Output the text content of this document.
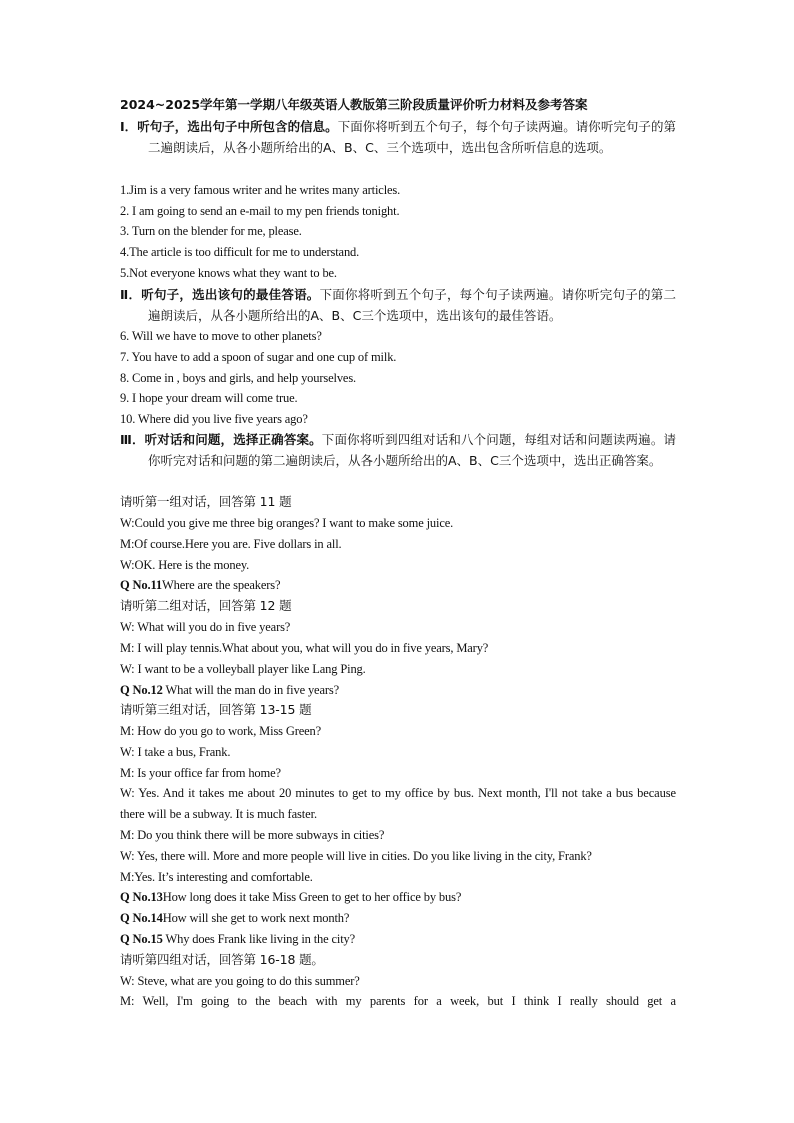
2024~2025学年第一学期八年级英语人教版第三阶段质量评价听力材料及参考答案
Ⅰ．听句子，选出句子中所包含的信息。下面你将听到五个句子，每个句子读两遍。请你听完句子的第二遍朗读后，从各小题所给出的A、B、C、三个选项中，选出包含所听信息的选项。
1.Jim is a very famous writer and he writes many articles.
2. I am going to send an e-mail to my pen friends tonight.
3. Turn on the blender for me, please.
4.The article is too difficult for me to understand.
5.Not everyone knows what they want to be.
Ⅱ．听句子，选出该句的最佳答语。下面你将听到五个句子，每个句子读两遍。请你听完句子的第二遍朗读后，从各小题所给出的A、B、C三个选项中，选出该句的最佳答语。
6. Will we have to move to other planets?
7. You have to add a spoon of sugar and one cup of milk.
8. Come in , boys and girls, and help yourselves.
9. I hope your dream will come true.
10. Where did you live five years ago?
Ⅲ．听对话和问题，选择正确答案。下面你将听到四组对话和八个问题，每组对话和问题读两遍。请你听完对话和问题的第二遍朗读后，从各小题所给出的A、B、C三个选项中，选出正确答案。
请听第一组对话，回答第 11 题
W:Could you give me three big oranges? I want to make some juice.
M:Of course.Here you are. Five dollars in all.
W:OK. Here is the money.
Q No.11Where are the speakers?
请听第二组对话，回答第 12 题
W: What will you do in five years?
M: I will play tennis.What about you, what will you do in five years, Mary?
W: I want to be a volleyball player like Lang Ping.
Q No.12 What will the man do in five years?
请听第三组对话，回答第 13-15 题
M: How do you go to work, Miss Green?
W: I take a bus, Frank.
M: Is your office far from home?
W: Yes. And it takes me about 20 minutes to get to my office by bus. Next month, I'll not take a bus because there will be a subway. It is much faster.
M: Do you think there will be more subways in cities?
W: Yes, there will. More and more people will live in cities. Do you like living in the city, Frank?
M:Yes. It’s interesting and comfortable.
Q No.13How long does it take Miss Green to get to her office by bus?
Q No.14How will she get to work next month?
Q No.15 Why does Frank like living in the city?
请听第四组对话，回答第 16-18 题。
W: Steve, what are you going to do this summer?
M: Well, I'm going to the beach with my parents for a week, but I think I really should get a
